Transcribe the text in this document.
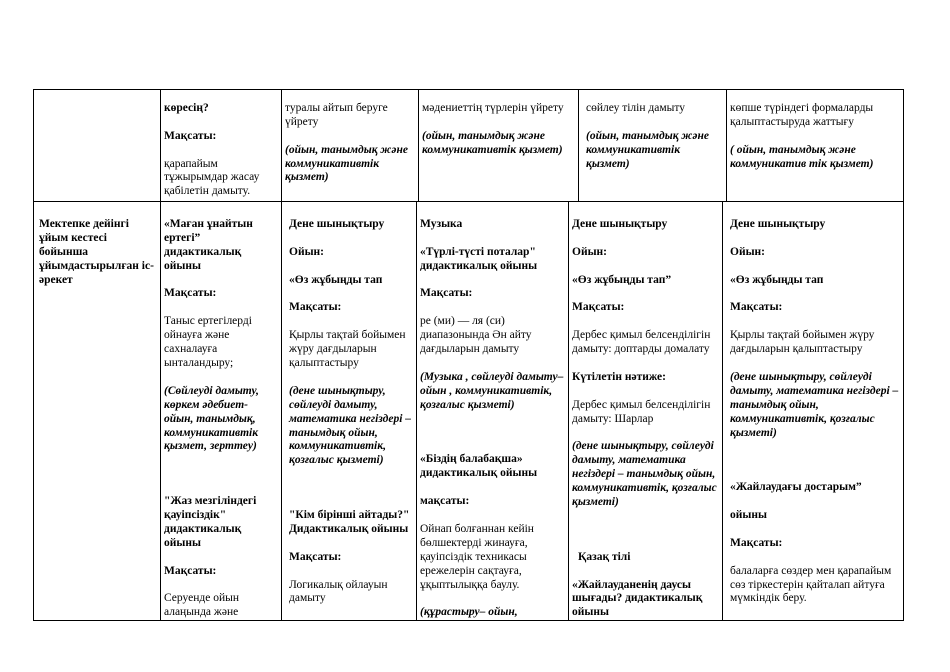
көресің?

Мақсаты:

қарапайым тұжырымдар жасау қабілетін дамыту.

туралы айтып беруге үйрету

(ойын, танымдық және коммуникативтік қызмет)

мәдениеттің түрлерін үйрету

(ойын, танымдық және коммуникативтік қызмет)

сөйлеу тілін дамыту

(ойын, танымдық және коммуникативтік қызмет)

көпше түріндегі формаларды қалыптастыруда жаттығу

( ойын, танымдық және коммуникатив тік қызмет)

Мектепке дейінгі ұйым кестесі бойынша ұйымдастырылған іс-әрекет

«Маған ұнайтын ертегі” дидактикалық ойыны

Мақсаты:

Таныс ертегілерді ойнауға және сахналауға ынталандыру;

(Сөйлеуді дамыту, көркем әдебиет- ойын, танымдық, коммуникативтік қызмет, зерттеу)

"Жаз мезгіліндегі қауіпсіздік" дидактикалық ойыны

Мақсаты:

Серуенде ойын алаңында және

Дене шынықтыру

Ойын:

«Өз жұбыңды тап

Мақсаты:

Қырлы тақтай бойымен жүру дағдыларын қалыптастыру

(дене шынықтыру, сөйлеуді дамыту, математика негіздері – танымдық ойын, коммуникативтік, қозғалыс қызметі)

"Кім бірінші айтады?" Дидактикалық ойыны

Мақсаты:

Логикалық ойлауын дамыту

Музыка

«Түрлі-түсті поталар" дидактикалық ойыны

Мақсаты:

ре (ми) — ля (си) диапазонында Ән айту дағдыларын дамыту

(Музыка , сөйлеуді дамыту– ойын , коммуникативтік, қозғалыс қызметі)

«Біздің балабақша» дидактикалық ойыны

мақсаты:

Ойнап болғаннан кейін бөлшектерді жинауға, қауіпсіздік техникасы ережелерін сақтауға, ұқыптылыққа баулу.

(құрастыру– ойын,

Дене шынықтыру

Ойын:

«Өз жұбыңды тап”

Мақсаты:

Дербес қимыл белсенділігін дамыту: доптарды домалату

Күтілетін нәтиже:

Дербес қимыл белсенділігін дамыту: Шарлар

(дене шынықтыру, сөйлеуді дамыту, математика негіздері – танымдық ойын, коммуникативтік, қозғалыс қызметі)

Қазақ тілі

«Жайлауданенің даусы шығады? дидактикалық ойыны

Дене шынықтыру

Ойын:

«Өз жұбыңды тап

Мақсаты:

Қырлы тақтай бойымен жүру дағдыларын қалыптастыру

(дене шынықтыру, сөйлеуді дамыту, математика негіздері – танымдық ойын, коммуникативтік, қозғалыс қызметі)

«Жайлаудағы достарым”

ойыны

Мақсаты:

балаларға сөздер мен қарапайым сөз тіркестерін қайталап айтуға мүмкіндік беру.
